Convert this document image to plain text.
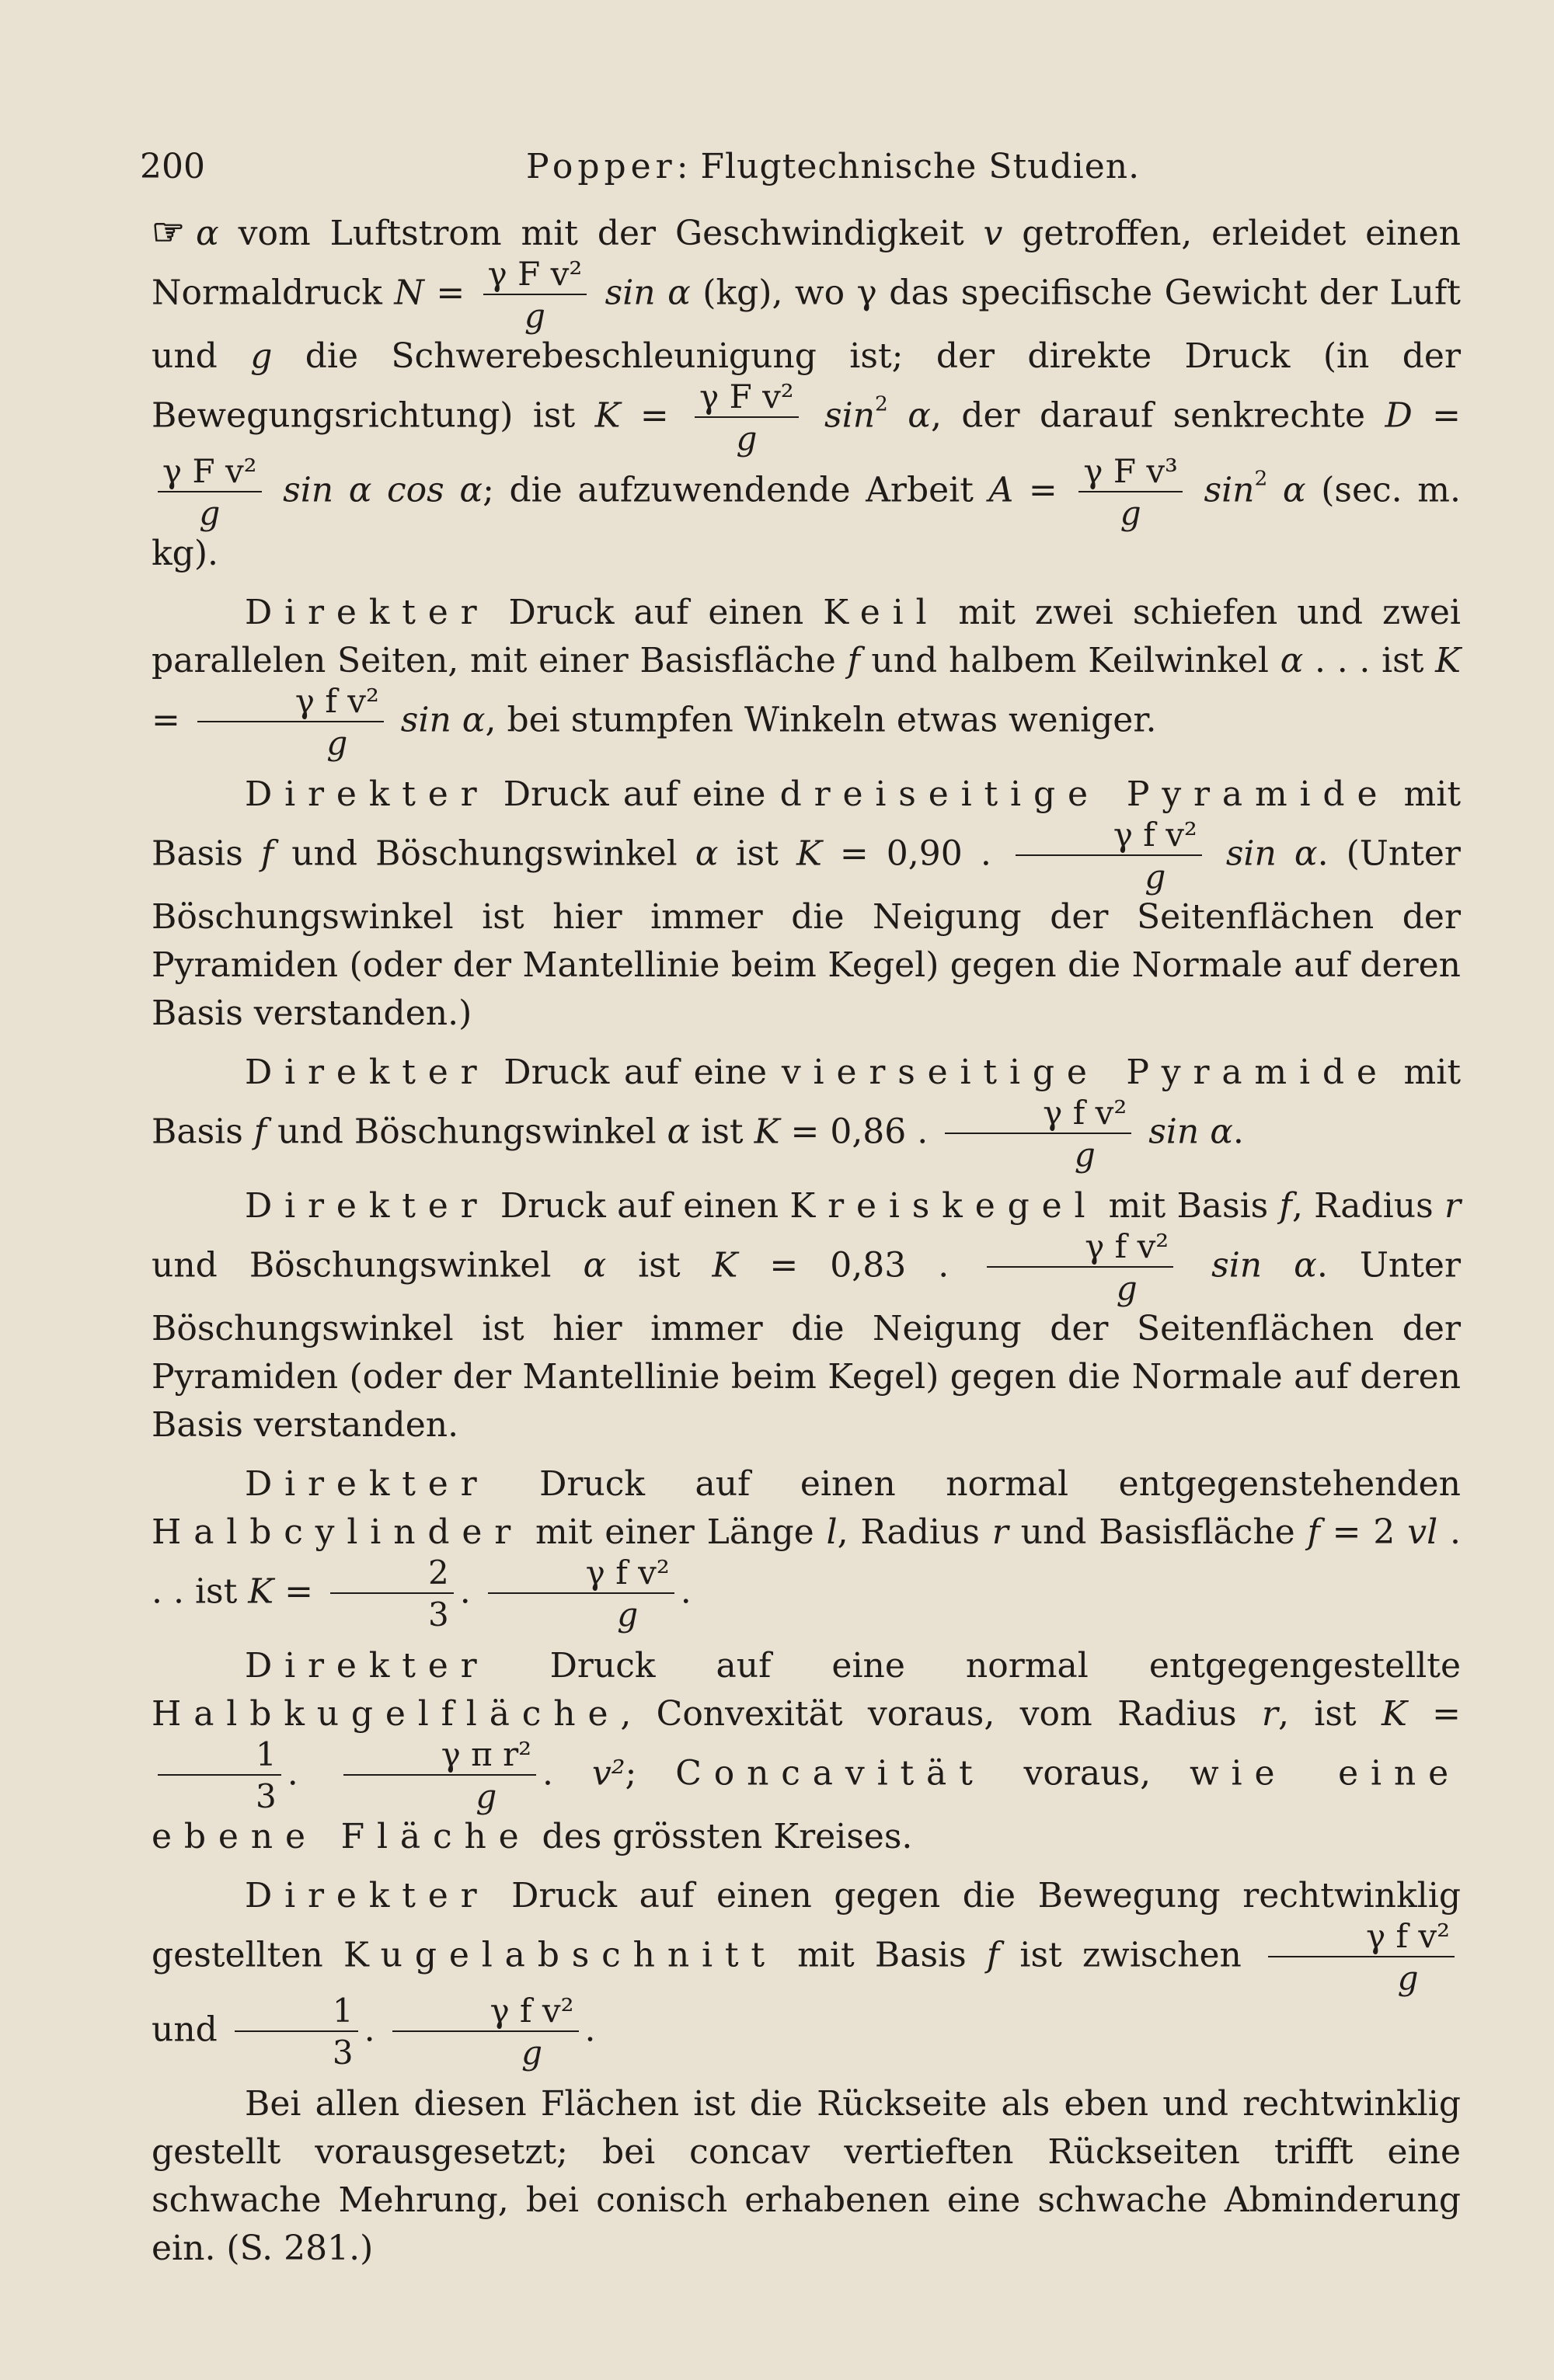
200	Popper: Flugtechnische Studien.

☞ α vom Luftstrom mit der Geschwindigkeit v getroffen, erleidet einen Normaldruck $N = \frac{\text{γ F v²}}{g}$ sin α (kg), wo γ das specifische Gewicht der Luft und g die Schwerebeschleunigung ist; der direkte Druck (in der Bewegungsrichtung) ist $K = \frac{\text{γ F v²}}{g} \sin^2 \alpha$, der darauf senkrechte D =
$\frac{\text{γ F v²}}{g}$ sin α cos α; die aufzuwendende Arbeit $A = \frac{\text{γ F v³}}{g} \sin^2 \alpha$ (sec. m. kg).

Direkter Druck auf einen Keil mit zwei schiefen und zwei parallelen Seiten, mit einer Basisfläche f und halbem Keilwinkel α . . . ist $K = \frac{\text{γ f v²}}{g}$ sin α, bei stumpfen Winkeln etwas weniger.

Direkter Druck auf eine dreiseitige Pyramide mit Basis f und Böschungswinkel α ist K = 0,90 . $\frac{\text{γ f v²}}{g}$ sin α. (Unter Böschungswinkel ist hier immer die Neigung der Seitenflächen der Pyramiden (oder der Mantellinie beim Kegel) gegen die Normale auf deren Basis verstanden.)

Direkter Druck auf eine vierseitige Pyramide mit Basis f und Böschungswinkel α ist K = 0,86 . $\frac{\text{γ f v²}}{g}$ sin α.

Direkter Druck auf einen Kreiskegel mit Basis f, Radius r und Böschungswinkel α ist K = 0,83 . $\frac{\text{γ f v²}}{g}$ sin α. Unter Böschungswinkel ist hier immer die Neigung der Seitenflächen der Pyramiden (oder der Mantellinie beim Kegel) gegen die Normale auf deren Basis verstanden.

Direkter Druck auf einen normal entgegenstehenden Halbcylinder mit einer Länge l, Radius r und Basisfläche f = 2 vl . . . ist $K = \frac{2}{3}$ . $\frac{\text{γ f v²}}{g}$ .

Direkter Druck auf eine normal entgegengestellte Halbkugelfläche, Convexität voraus, vom Radius r, ist K =
$\frac{1}{3}$ . $\frac{\text{γ π r²}}{g}$ . v²; Concavität voraus, wie eine ebene Fläche des grössten Kreises.

Direkter Druck auf einen gegen die Bewegung rechtwinklig gestellten Kugelabschnitt mit Basis f ist zwischen $\frac{\text{γ f v²}}{g}$
und $\frac{1}{3}$ . $\frac{\text{γ f v²}}{g}$ .

Bei allen diesen Flächen ist die Rückseite als eben und rechtwinklig gestellt vorausgesetzt; bei concav vertieften Rückseiten trifft eine schwache Mehrung, bei conisch erhabenen eine schwache Abminderung ein. (S. 281.)
